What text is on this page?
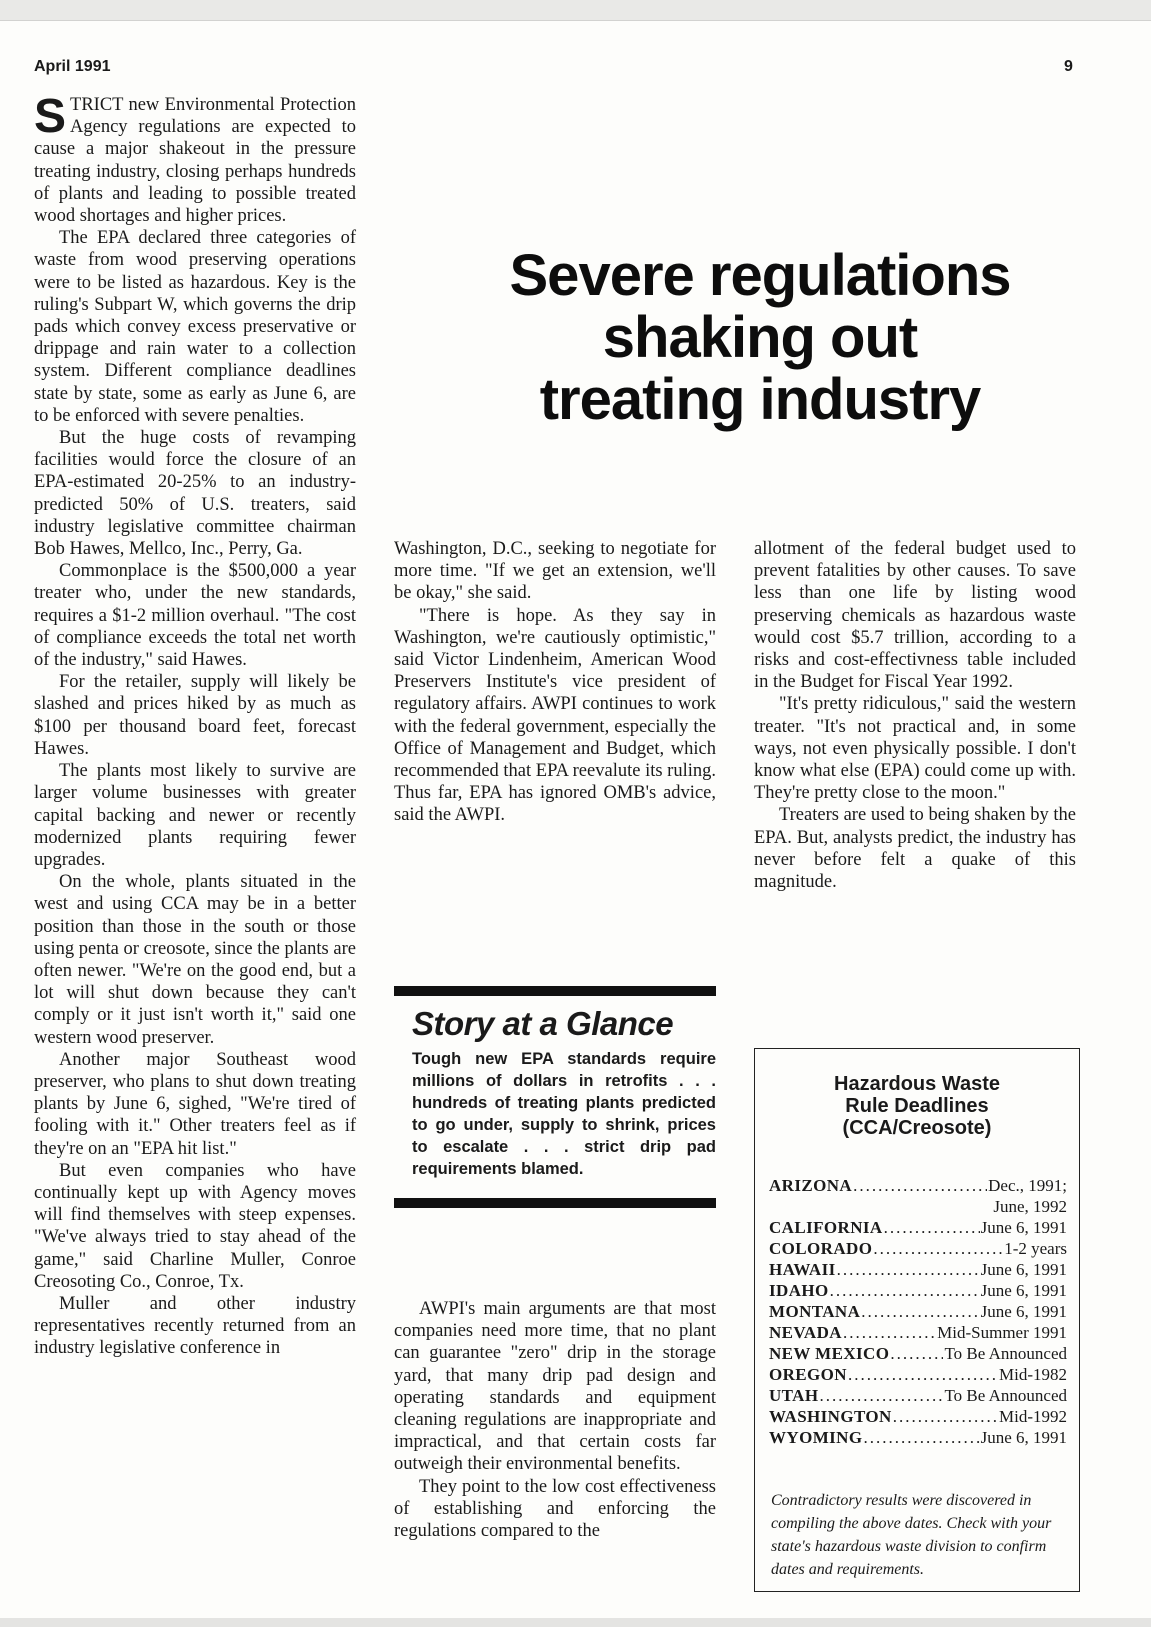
April 1991	9

STRICT new Environmental Protection Agency regulations are expected to cause a major shakeout in the pressure treating industry, closing perhaps hundreds of plants and leading to possible treated wood shortages and higher prices.

The EPA declared three categories of waste from wood preserving operations were to be listed as hazardous. Key is the ruling's Subpart W, which governs the drip pads which convey excess preservative or drippage and rain water to a collection system. Different compliance deadlines state by state, some as early as June 6, are to be enforced with severe penalties.

But the huge costs of revamping facilities would force the closure of an EPA-estimated 20-25% to an industry-predicted 50% of U.S. treaters, said industry legislative committee chairman Bob Hawes, Mellco, Inc., Perry, Ga.

Commonplace is the $500,000 a year treater who, under the new standards, requires a $1-2 million overhaul. "The cost of compliance exceeds the total net worth of the industry," said Hawes.

For the retailer, supply will likely be slashed and prices hiked by as much as $100 per thousand board feet, forecast Hawes.

The plants most likely to survive are larger volume businesses with greater capital backing and newer or recently modernized plants requiring fewer upgrades.

On the whole, plants situated in the west and using CCA may be in a better position than those in the south or those using penta or creosote, since the plants are often newer. "We're on the good end, but a lot will shut down because they can't comply or it just isn't worth it," said one western wood preserver.

Another major Southeast wood preserver, who plans to shut down treating plants by June 6, sighed, "We're tired of fooling with it." Other treaters feel as if they're on an "EPA hit list."

But even companies who have continually kept up with Agency moves will find themselves with steep expenses. "We've always tried to stay ahead of the game," said Charline Muller, Conroe Creosoting Co., Conroe, Tx.

Muller and other industry representatives recently returned from an industry legislative conference in

Severe regulations
shaking out
treating industry

Washington, D.C., seeking to negotiate for more time. "If we get an extension, we'll be okay," she said.

"There is hope. As they say in Washington, we're cautiously optimistic," said Victor Lindenheim, American Wood Preservers Institute's vice president of regulatory affairs. AWPI continues to work with the federal government, especially the Office of Management and Budget, which recommended that EPA reevalute its ruling. Thus far, EPA has ignored OMB's advice, said the AWPI.

allotment of the federal budget used to prevent fatalities by other causes. To save less than one life by listing wood preserving chemicals as hazardous waste would cost $5.7 trillion, according to a risks and cost-effectivness table included in the Budget for Fiscal Year 1992.

"It's pretty ridiculous," said the western treater. "It's not practical and, in some ways, not even physically possible. I don't know what else (EPA) could come up with. They're pretty close to the moon."

Treaters are used to being shaken by the EPA. But, analysts predict, the industry has never before felt a quake of this magnitude.

Story at a Glance
Tough new EPA standards require millions of dollars in retrofits . . . hundreds of treating plants predicted to go under, supply to shrink, prices to escalate . . . strict drip pad requirements blamed.

AWPI's main arguments are that most companies need more time, that no plant can guarantee "zero" drip in the storage yard, that many drip pad design and operating standards and equipment cleaning regulations are inappropriate and impractical, and that certain costs far outweigh their environmental benefits.

They point to the low cost effectiveness of establishing and enforcing the regulations compared to the

Hazardous Waste
Rule Deadlines
(CCA/Creosote)
ARIZONA .....	Dec., 1991;
June, 1992
CALIFORNIA .....	June 6, 1991
COLORADO .....	1-2 years
HAWAII .....	June 6, 1991
IDAHO .....	June 6, 1991
MONTANA .....	June 6, 1991
NEVADA .....	Mid-Summer 1991
NEW MEXICO .....	To Be Announced
OREGON .....	Mid-1982
UTAH .....	To Be Announced
WASHINGTON .....	Mid-1992
WYOMING .....	June 6, 1991
Contradictory results were discovered in compiling the above dates. Check with your state's hazardous waste division to confirm dates and requirements.
